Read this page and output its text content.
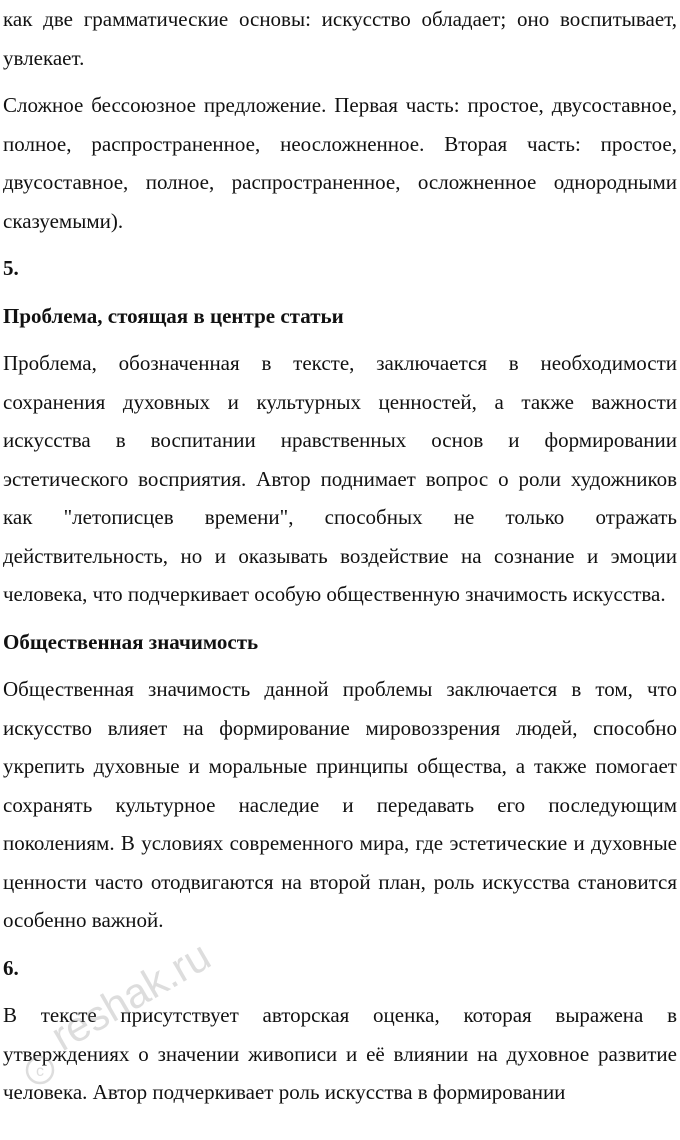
как две грамматические основы: искусство обладает; оно воспитывает, увлекает.

Сложное бессоюзное предложение. Первая часть: простое, двусоставное, полное, распространенное, неосложненное. Вторая часть: простое, двусоставное, полное, распространенное, осложненное однородными сказуемыми).

5.

Проблема, стоящая в центре статьи

Проблема, обозначенная в тексте, заключается в необходимости сохранения духовных и культурных ценностей, а также важности искусства в воспитании нравственных основ и формировании эстетического восприятия. Автор поднимает вопрос о роли художников как "летописцев времени", способных не только отражать действительность, но и оказывать воздействие на сознание и эмоции человека, что подчеркивает особую общественную значимость искусства.

Общественная значимость

Общественная значимость данной проблемы заключается в том, что искусство влияет на формирование мировоззрения людей, способно укрепить духовные и моральные принципы общества, а также помогает сохранять культурное наследие и передавать его последующим поколениям. В условиях современного мира, где эстетические и духовные ценности часто отодвигаются на второй план, роль искусства становится особенно важной.

6.

В тексте присутствует авторская оценка, которая выражена в утверждениях о значении живописи и её влиянии на духовное развитие человека. Автор подчеркивает роль искусства в формировании

c
reshak.ru
